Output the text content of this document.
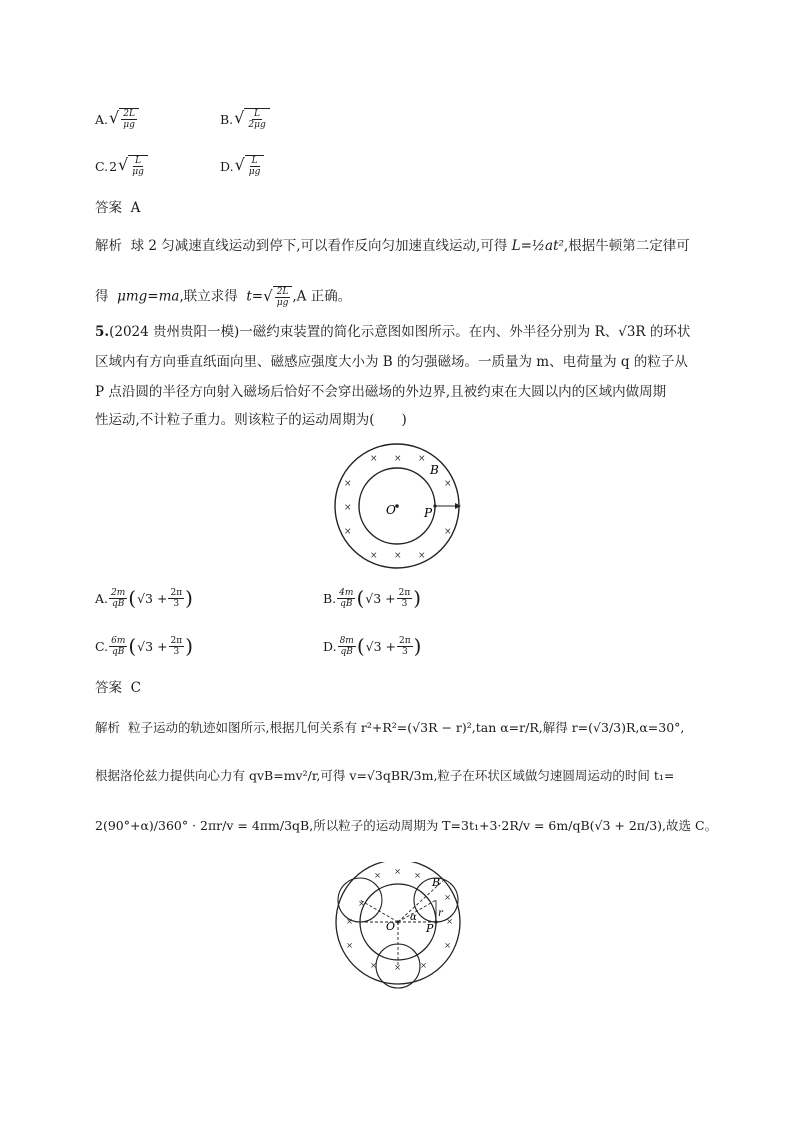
A. √ $\frac{2L}{\mu g}$	B. √ $\frac{L}{2\mu g}$
C. 2 √ $\frac{L}{\mu g}$	D. √ $\frac{L}{\mu g}$
答案 A
解析 球 2 匀减速直线运动到停下,可以看作反向匀加速直线运动,可得 L=½at²,根据牛顿第二定律可
得 μmg=ma,联立求得 t= √ $\frac{2L}{\mu g} ,A$ 正确。
5.(2024 贵州贵阳一模)一磁约束装置的简化示意图如图所示。在内、外半径分别为 R、√3R 的环状
区域内有方向垂直纸面向里、磁感应强度大小为 B 的匀强磁场。一质量为 m、电荷量为 q 的粒子从
P 点沿圆的半径方向射入磁场后恰好不会穿出磁场的外边界,且被约束在大圆以内的区域内做周期
性运动,不计粒子重力。则该粒子的运动周期为(　　)
O P
B
× × ×
×
×
×
×
×
× × ×
A. $\frac{2m}{qB}$ ( $√3 + \frac{2\pi}{3}$ )	B. $\frac{4m}{qB}$ ( $√3 + \frac{2\pi}{3}$ )
C. $\frac{6m}{qB}$ ( $√3 + \frac{2\pi}{3}$ )	D. $\frac{8m}{qB}$ ( $√3 + \frac{2\pi}{3}$ )
答案 C
解析 粒子运动的轨迹如图所示,根据几何关系有 r²+R²=(√3R − r)²,tan α=r/R,解得 r=(√3/3)R,α=30°,
根据洛伦兹力提供向心力有 qvB=mv²/r,可得 v=√3qBR/3m,粒子在环状区域做匀速圆周运动的时间 t₁=
2(90°+α)/360° · 2πr/v = 4πm/3qB,所以粒子的运动周期为 T=3t₁+3·2R/v = 6m/qB(√3 + 2π/3),故选 C。
O	P
B
r
α
× × ×
×
×
×
×
×
×
×
×	×
